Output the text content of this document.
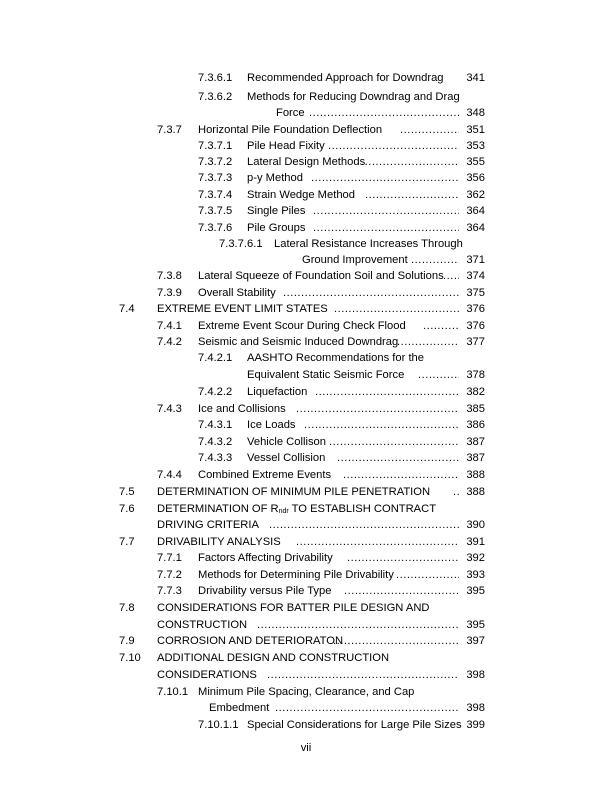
7.3.6.1 Recommended Approach for Downdrag	341
7.3.6.2 Methods for Reducing Downdrag and Drag
Force .....	348
7.3.7 Horizontal Pile Foundation Deflection .....	351
7.3.7.1 Pile Head Fixity .....	353
7.3.7.2 Lateral Design Methods .....	355
7.3.7.3 p-y Method .....	356
7.3.7.4 Strain Wedge Method .....	362
7.3.7.5 Single Piles .....	364
7.3.7.6 Pile Groups .....	364
7.3.7.6.1 Lateral Resistance Increases Through
Ground Improvement .....	371
7.3.8 Lateral Squeeze of Foundation Soil and Solutions .....	374
7.3.9 Overall Stability .....	375
7.4 EXTREME EVENT LIMIT STATES .....	376
7.4.1 Extreme Event Scour During Check Flood .....	376
7.4.2 Seismic and Seismic Induced Downdrag .....	377
7.4.2.1 AASHTO Recommendations for the
Equivalent Static Seismic Force .....	378
7.4.2.2 Liquefaction .....	382
7.4.3 Ice and Collisions .....	385
7.4.3.1 Ice Loads .....	386
7.4.3.2 Vehicle Collison .....	387
7.4.3.3 Vessel Collision .....	387
7.4.4 Combined Extreme Events .....	388
7.5 DETERMINATION OF MINIMUM PILE PENETRATION .....	388
7.6 DETERMINATION OF $R_{ndr}$ TO ESTABLISH CONTRACT
DRIVING CRITERIA .....	390
7.7 DRIVABILITY ANALYSIS .....	391
7.7.1 Factors Affecting Drivability .....	392
7.7.2 Methods for Determining Pile Drivability .....	393
7.7.3 Drivability versus Pile Type .....	395
7.8 CONSIDERATIONS FOR BATTER PILE DESIGN AND
CONSTRUCTION .....	395
7.9 CORROSION AND DETERIORATON .....	397
7.10 ADDITIONAL DESIGN AND CONSTRUCTION
CONSIDERATIONS .....	398
7.10.1 Minimum Pile Spacing, Clearance, and Cap
Embedment .....	398
7.10.1.1 Special Considerations for Large Pile Sizes 399
vii
